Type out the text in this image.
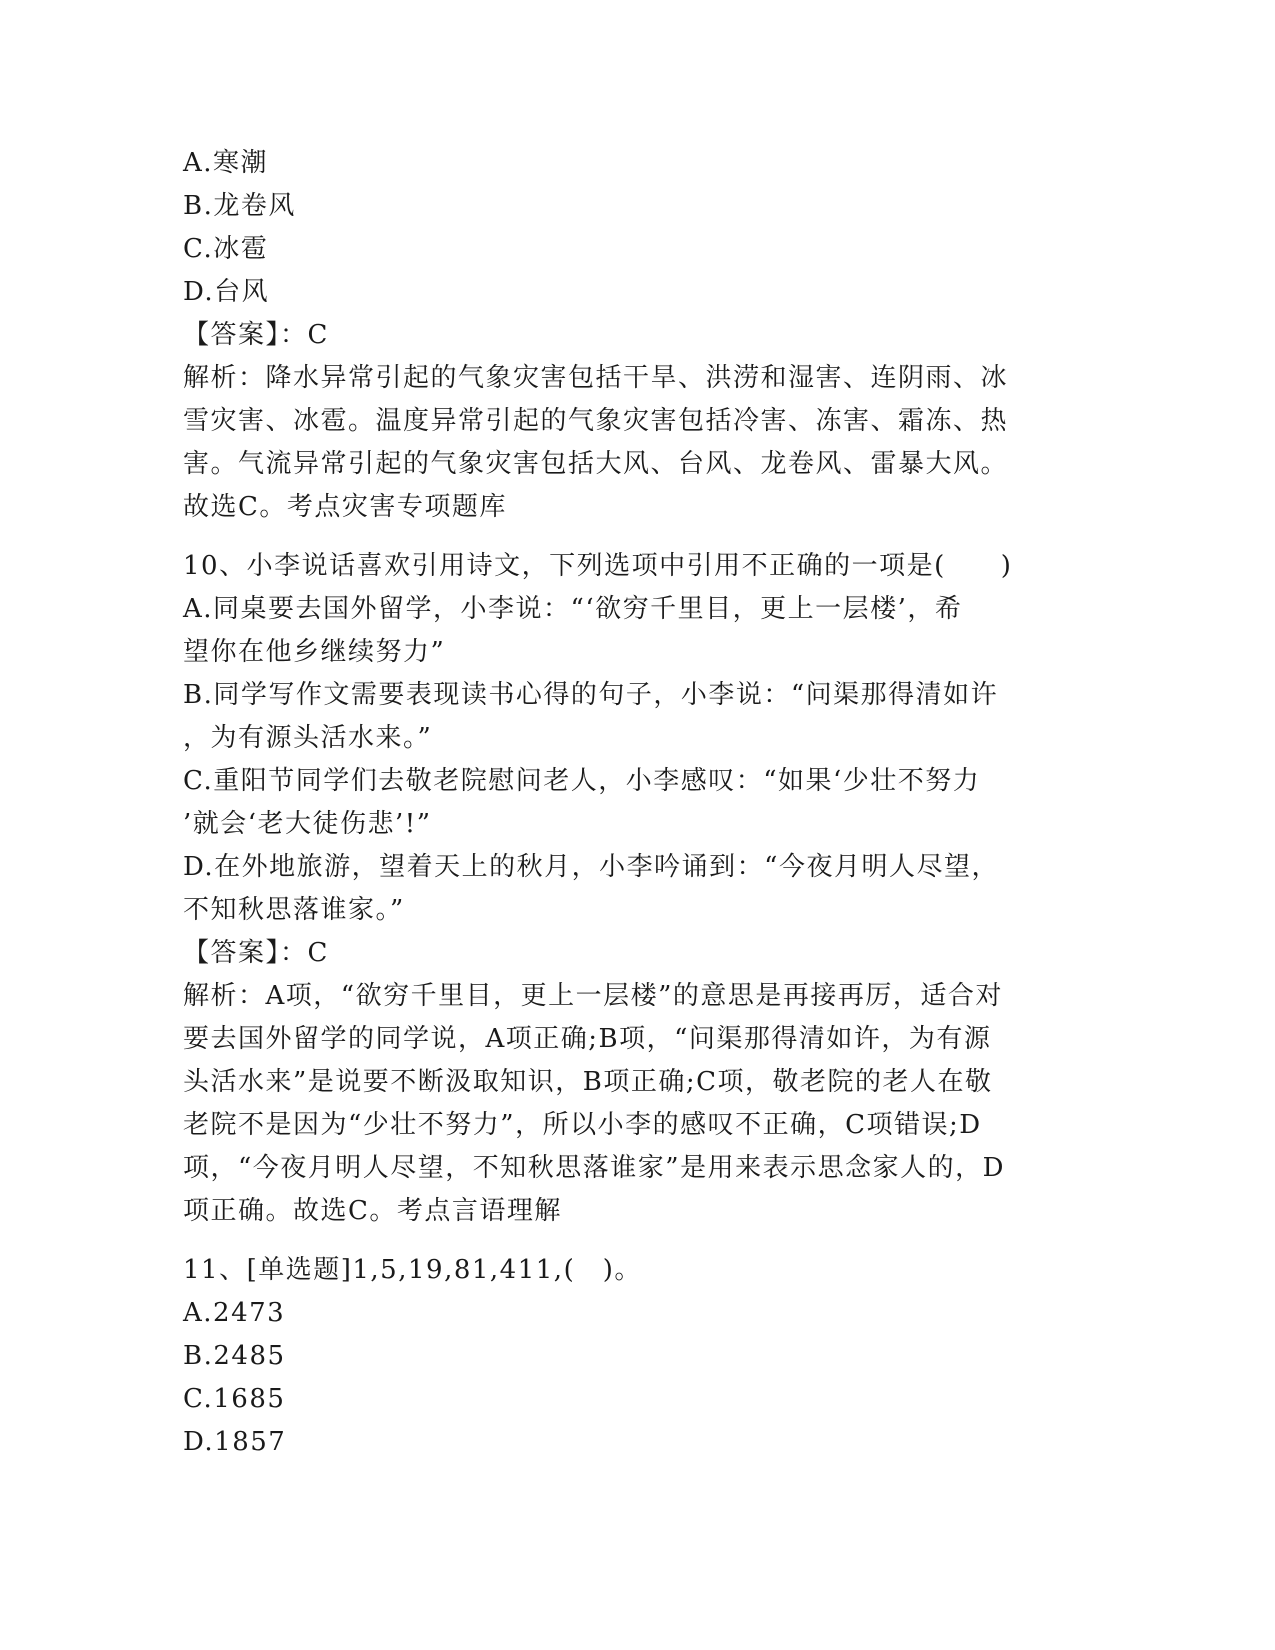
A.寒潮
B.龙卷风
C.冰雹
D.台风
【答案】：C
解析：降水异常引起的气象灾害包括干旱、洪涝和湿害、连阴雨、冰
雪灾害、冰雹。温度异常引起的气象灾害包括冷害、冻害、霜冻、热
害。气流异常引起的气象灾害包括大风、台风、龙卷风、雷暴大风。
故选C。考点灾害专项题库
10、小李说话喜欢引用诗文，下列选项中引用不正确的一项是(　　)
A.同桌要去国外留学，小李说：“‘欲穷千里目，更上一层楼’，希
望你在他乡继续努力”
B.同学写作文需要表现读书心得的句子，小李说：“问渠那得清如许
，为有源头活水来。”
C.重阳节同学们去敬老院慰问老人，小李感叹：“如果‘少壮不努力
’就会‘老大徒伤悲’!”
D.在外地旅游，望着天上的秋月，小李吟诵到：“今夜月明人尽望，
不知秋思落谁家。”
【答案】：C
解析：A项，“欲穷千里目，更上一层楼”的意思是再接再厉，适合对
要去国外留学的同学说，A项正确;B项，“问渠那得清如许，为有源
头活水来”是说要不断汲取知识，B项正确;C项，敬老院的老人在敬
老院不是因为“少壮不努力”，所以小李的感叹不正确，C项错误;D
项，“今夜月明人尽望，不知秋思落谁家”是用来表示思念家人的，D
项正确。故选C。考点言语理解
11、[单选题]1,5,19,81,411,(　)。
A.2473
B.2485
C.1685
D.1857
